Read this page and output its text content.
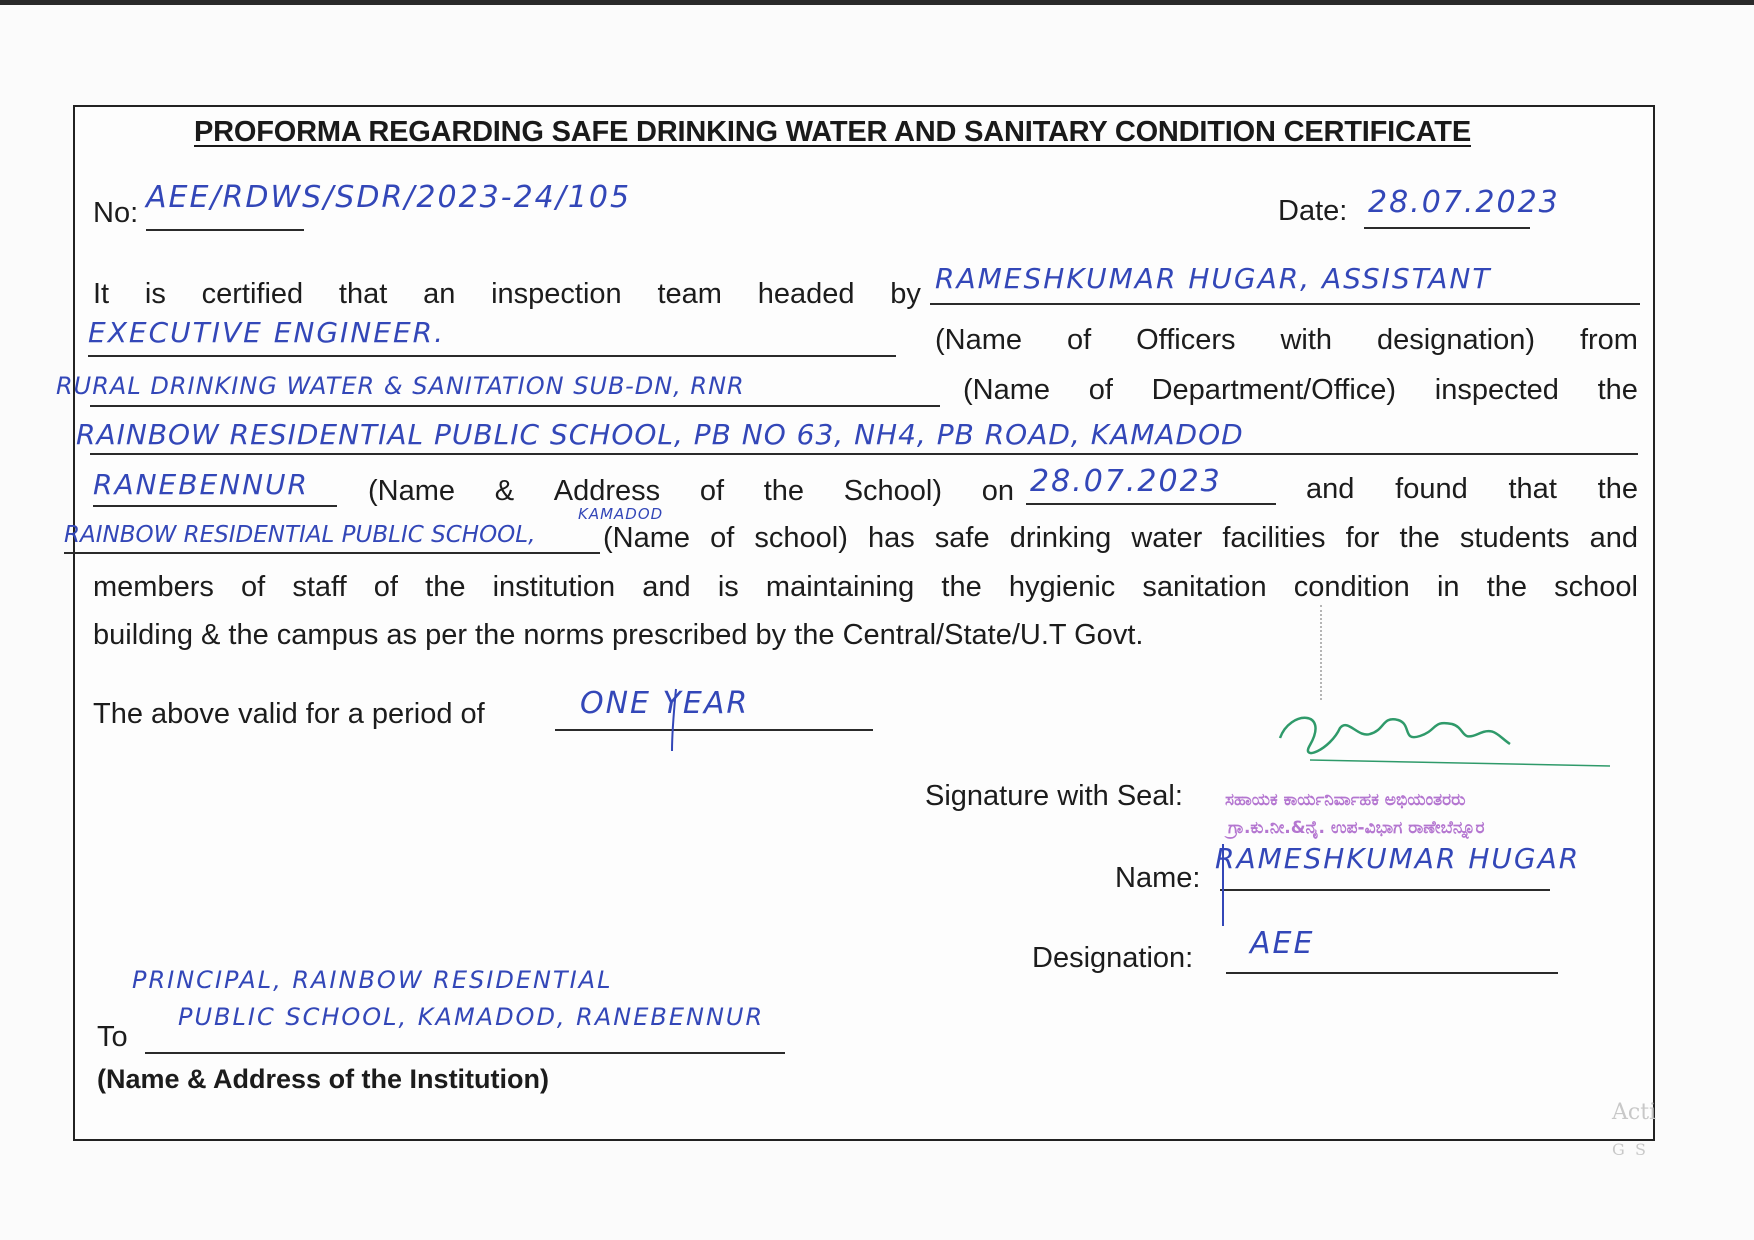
PROFORMA REGARDING SAFE DRINKING WATER AND SANITARY CONDITION CERTIFICATE
No: AEE/RDWS/SDR/2023-24/105	Date: 28.07.2023
It is certified that an inspection team headed by RAMESHKUMAR HUGAR, ASSISTANT
EXECUTIVE ENGINEER.	(Name of Officers with designation) from
RURAL DRINKING WATER & SANITATION SUB-DN, RNR	(Name of Department/Office) inspected the
RAINBOW RESIDENTIAL PUBLIC SCHOOL, PB NO 63, NH4, PB ROAD, KAMADOD
RANEBENNUR (Name & Address of the School) on 28.07.2023	and found that the
RAINBOW RESIDENTIAL PUBLIC SCHOOL,
KAMADOD
(Name of school) has safe drinking water facilities for the students and
members of staff of the institution and is maintaining the hygienic sanitation condition in the school
building & the campus as per the norms prescribed by the Central/State/U.T Govt.
The above valid for a period of	ONE YEAR
Signature with Seal: ಸಹಾಯಕ ಕಾರ್ಯನಿರ್ವಾಹಕ ಅಭಿಯಂತರರು
ಗ್ರಾ.ಕು.ನೀ.&ನೈ. ಉಪ-ವಿಭಾಗ ರಾಣೇಬೆನ್ನೂರ
Name:
RAMESHKUMAR HUGAR
Designation: AEE
PRINCIPAL, RAINBOW RESIDENTIAL
To
PUBLIC SCHOOL, KAMADOD, RANEBENNUR
(Name & Address of the Institution)
Acti
G  S
